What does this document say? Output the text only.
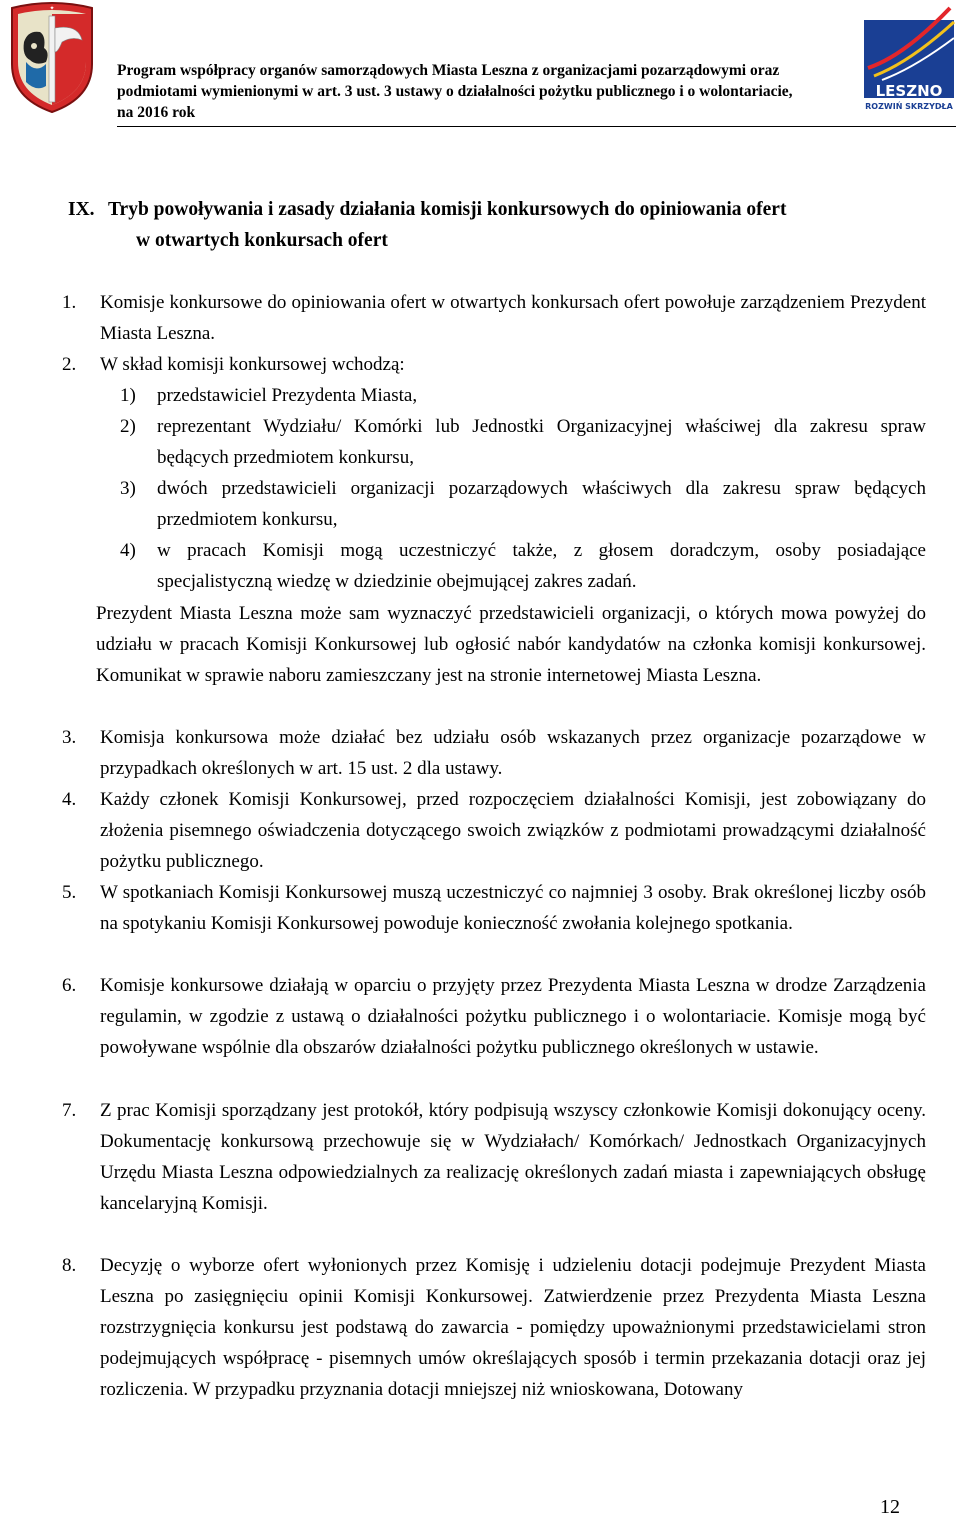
✦
Program współpracy organów samorządowych Miasta Leszna z organizacjami pozarządowymi oraz
podmiotami wymienionymi w art. 3 ust. 3 ustawy o działalności pożytku publicznego i o wolontariacie,
na 2016 rok
LESZNO
ROZWIŃ SKRZYDŁA
IX. Tryb powoływania i zasady działania komisji konkursowych do opiniowania ofert
w otwartych konkursach ofert
1.	Komisje konkursowe do opiniowania ofert w otwartych konkursach ofert powołuje zarządzeniem Prezydent Miasta Leszna.
2.	W skład komisji konkursowej wchodzą:
1) przedstawiciel Prezydenta Miasta,
2) reprezentant Wydziału/ Komórki lub Jednostki Organizacyjnej właściwej dla zakresu spraw będących przedmiotem konkursu,
3) dwóch przedstawicieli organizacji pozarządowych właściwych dla zakresu spraw będących przedmiotem konkursu,
4) w pracach Komisji mogą uczestniczyć także, z głosem doradczym, osoby posiadające specjalistyczną wiedzę w dziedzinie obejmującej zakres zadań.
Prezydent Miasta Leszna może sam wyznaczyć przedstawicieli organizacji, o których mowa powyżej do udziału w pracach Komisji Konkursowej lub ogłosić nabór kandydatów na członka komisji konkursowej. Komunikat w sprawie naboru zamieszczany jest na stronie internetowej Miasta Leszna.
3.	Komisja konkursowa może działać bez udziału osób wskazanych przez organizacje pozarządowe w przypadkach określonych w art. 15 ust. 2 dla ustawy.
4.	Każdy członek Komisji Konkursowej, przed rozpoczęciem działalności Komisji, jest zobowiązany do złożenia pisemnego oświadczenia dotyczącego swoich związków z podmiotami prowadzącymi działalność pożytku publicznego.
5.	W spotkaniach Komisji Konkursowej muszą uczestniczyć co najmniej 3 osoby. Brak określonej liczby osób na spotykaniu Komisji Konkursowej powoduje konieczność zwołania kolejnego spotkania.
6.	Komisje konkursowe działają w oparciu o przyjęty przez Prezydenta Miasta Leszna w drodze Zarządzenia regulamin, w zgodzie z ustawą o działalności pożytku publicznego i o wolontariacie. Komisje mogą być powoływane wspólnie dla obszarów działalności pożytku publicznego określonych w ustawie.
7.	Z prac Komisji sporządzany jest protokół, który podpisują wszyscy członkowie Komisji dokonujący oceny. Dokumentację konkursową przechowuje się w Wydziałach/ Komórkach/ Jednostkach Organizacyjnych Urzędu Miasta Leszna odpowiedzialnych za realizację określonych zadań miasta i zapewniających obsługę kancelaryjną Komisji.
8.	Decyzję o wyborze ofert wyłonionych przez Komisję i udzieleniu dotacji podejmuje Prezydent Miasta Leszna po zasięgnięciu opinii Komisji Konkursowej. Zatwierdzenie przez Prezydenta Miasta Leszna rozstrzygnięcia konkursu jest podstawą do zawarcia - pomiędzy upoważnionymi przedstawicielami stron podejmujących współpracę - pisemnych umów określających sposób i termin przekazania dotacji oraz jej rozliczenia. W przypadku przyznania dotacji mniejszej niż wnioskowana, Dotowany
12
